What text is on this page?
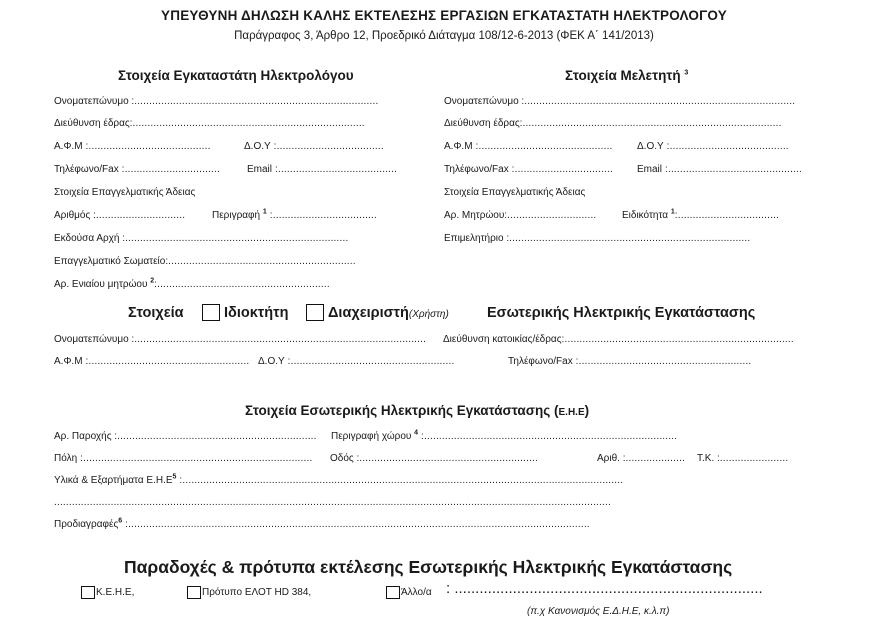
ΥΠΕΥΘΥΝΗ ΔΗΛΩΣΗ ΚΑΛΗΣ ΕΚΤΕΛΕΣΗΣ ΕΡΓΑΣΙΩΝ ΕΓΚΑΤΑΣΤΑΤΗ ΗΛΕΚΤΡΟΛΟΓΟΥ
Παράγραφος 3, Άρθρο 12, Προεδρικό Διάταγμα 108/12-6-2013 (ΦΕΚ Α΄ 141/2013)
Στοιχεία Εγκαταστάτη Ηλεκτρολόγου
Ονοματεπώνυμο :..................................................................................
Διεύθυνση έδρας:..............................................................................
Α.Φ.Μ :.........................................	Δ.Ο.Υ :....................................
Τηλέφωνο/Fax :................................	Email :........................................
Στοιχεία Επαγγελματικής Άδειας
Αριθμός :..............................	Περιγραφή $^1$ :...................................
Εκδούσα Αρχή :...........................................................................
Επαγγελματικό Σωματείο:...............................................................
Αρ. Ενιαίου μητρώου $^2$:..........................................................
Στοιχεία Μελετητή $^3$
Ονοματεπώνυμο :...........................................................................................
Διεύθυνση έδρας:.......................................................................................
Α.Φ.Μ :............................................. Δ.Ο.Υ :........................................
Τηλέφωνο/Fax :................................. Email :.............................................
Στοιχεία Επαγγελματικής Άδειας
Αρ. Μητρώου:..............................	Ειδικότητα $^1$:..................................
Επιμελητήριο :.................................................................................
Στοιχεία	Ιδιοκτήτη	Διαχειριστή(Χρήστη)	Εσωτερικής Ηλεκτρικής Εγκατάστασης
Ονοματεπώνυμο :.................................................................................................. Διεύθυνση κατοικίας/έδρας:.............................................................................
Α.Φ.Μ :...................................................... Δ.Ο.Υ :.......................................................	Τηλέφωνο/Fax :..........................................................
Στοιχεία Εσωτερικής Ηλεκτρικής Εγκατάστασης (Ε.Η.Ε)
Αρ. Παροχής :................................................................... Περιγραφή χώρου $^4$ :.....................................................................................
Πόλη :............................................................................. Οδός :............................................................	Αριθ. :.................... Τ.Κ. :.......................
Υλικά & Εξαρτήματα $E.H.E^5$ :....................................................................................................................................................
...........................................................................................................................................................................................
Προδιαγραφές$^6$ :...........................................................................................................................................................
Παραδοχές & πρότυπα εκτέλεσης Εσωτερικής Ηλεκτρικής Εγκατάστασης
Κ.Ε.Η.Ε,	Πρότυπο ΕΛΟΤ HD 384,	Άλλο/α : ..........................................................................
(π.χ Κανονισμός Ε.Δ.Η.Ε, κ.λ.π)
